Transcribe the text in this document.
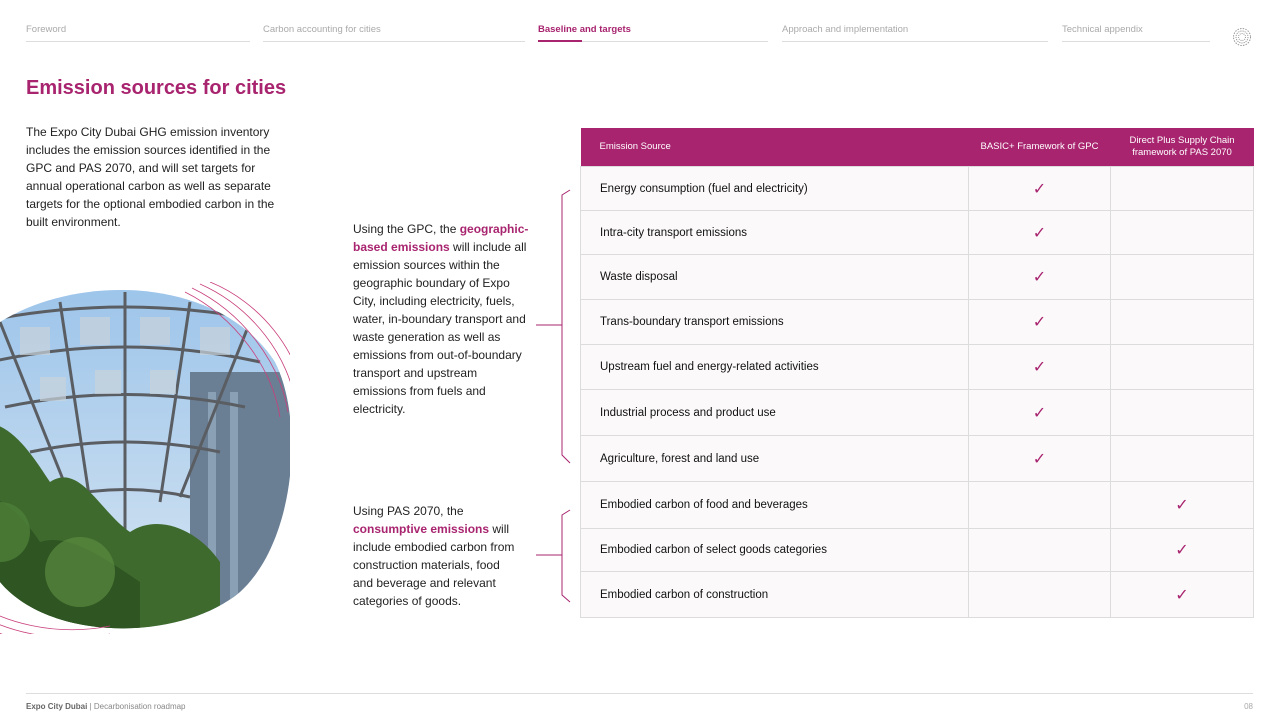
Foreword	Carbon accounting for cities	Baseline and targets	Approach and implementation	Technical appendix
Emission sources for cities

The Expo City Dubai GHG emission inventory includes the emission sources identified in the GPC and PAS 2070, and will set targets for annual operational carbon as well as separate targets for the optional embodied carbon in the built environment.	Using the GPC, the geographic-based emissions will include all emission sources within the geographic boundary of Expo City, including electricity, fuels, water, in-boundary transport and waste generation as well as emissions from out-of-boundary transport and upstream emissions from fuels and electricity.

Using PAS 2070, the consumptive emissions will include embodied carbon from construction materials, food and beverage and relevant categories of goods.

Emission Source	BASIC+ Framework of GPC	Direct Plus Supply Chain framework of PAS 2070
Energy consumption (fuel and electricity)	✓	
Intra-city transport emissions	✓	
Waste disposal	✓	
Trans-boundary transport emissions	✓	
Upstream fuel and energy-related activities	✓	
Industrial process and product use	✓	
Agriculture, forest and land use	✓	
Embodied carbon of food and beverages		✓
Embodied carbon of select goods categories		✓
Embodied carbon of construction		✓
Expo City Dubai | Decarbonisation roadmap	08
